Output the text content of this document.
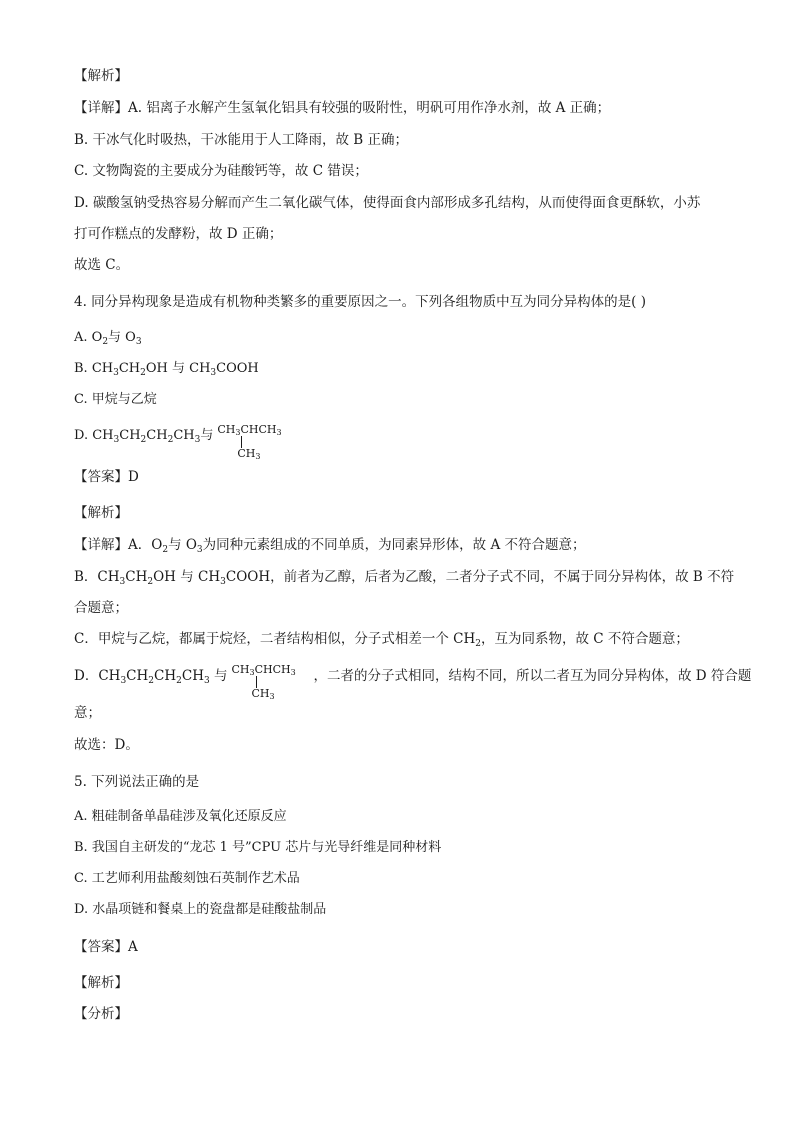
【解析】
【详解】A. 铝离子水解产生氢氧化铝具有较强的吸附性，明矾可用作净水剂，故 A 正确；
B. 干冰气化时吸热，干冰能用于人工降雨，故 B 正确；
C. 文物陶瓷的主要成分为硅酸钙等，故 C 错误；
D. 碳酸氢钠受热容易分解而产生二氧化碳气体，使得面食内部形成多孔结构，从而使得面食更酥软，小苏
打可作糕点的发酵粉，故 D 正确；
故选 C。
4. 同分异构现象是造成有机物种类繁多的重要原因之一。下列各组物质中互为同分异构体的是( )
A. $O_2$与 $O_3$
B. $CH_3CH_2OH$ 与 $CH_3COOH$
C. 甲烷与乙烷
D. $CH_3CH_2CH_2CH_3$与 $CH_3CHCH_3$
$CH_3$
【答案】D
【解析】
【详解】A．$O_2$与 $O_3$为同种元素组成的不同单质，为同素异形体，故 A 不符合题意；
B．$CH_3CH_2OH$ 与 $CH_3COOH$，前者为乙醇，后者为乙酸，二者分子式不同，不属于同分异构体，故 B 不符
合题意；
C．甲烷与乙烷，都属于烷烃，二者结构相似，分子式相差一个 $CH_2$，互为同系物，故 C 不符合题意；
D．$CH_3CH_2CH_2CH_3$ 与 $CH_3CHCH_3$
$CH_3$
，二者的分子式相同，结构不同，所以二者互为同分异构体，故 D 符合题
意；
故选：D。
5. 下列说法正确的是
A. 粗硅制备单晶硅涉及氧化还原反应
B. 我国自主研发的“龙芯 1 号”CPU 芯片与光导纤维是同种材料
C. 工艺师利用盐酸刻蚀石英制作艺术品
D. 水晶项链和餐桌上的瓷盘都是硅酸盐制品
【答案】A
【解析】
【分析】
